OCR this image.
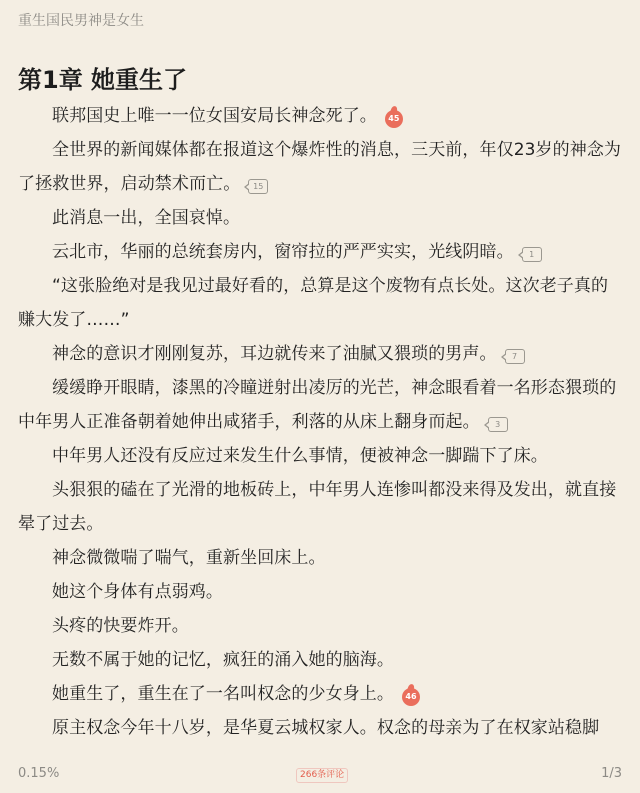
重生国民男神是女生
第1章 她重生了

联邦国史上唯一一位女国安局长神念死了。 45

全世界的新闻媒体都在报道这个爆炸性的消息，三天前，年仅23岁的神念为了拯救世界，启动禁术而亡。 15

此消息一出，全国哀悼。

云北市，华丽的总统套房内，窗帘拉的严严实实，光线阴暗。 1

“这张脸绝对是我见过最好看的，总算是这个废物有点长处。这次老子真的赚大发了……”

神念的意识才刚刚复苏，耳边就传来了油腻又猥琐的男声。 7

缓缓睁开眼睛，漆黑的冷瞳迸射出凌厉的光芒，神念眼看着一名形态猥琐的中年男人正准备朝着她伸出咸猪手，利落的从床上翻身而起。 3

中年男人还没有反应过来发生什么事情，便被神念一脚踹下了床。

头狠狠的磕在了光滑的地板砖上，中年男人连惨叫都没来得及发出，就直接晕了过去。

神念微微喘了喘气，重新坐回床上。

她这个身体有点弱鸡。

头疼的快要炸开。

无数不属于她的记忆，疯狂的涌入她的脑海。

她重生了，重生在了一名叫权念的少女身上。 46

原主权念今年十八岁，是华夏云城权家人。权念的母亲为了在权家站稳脚

0.15%	266条评论	1/3
